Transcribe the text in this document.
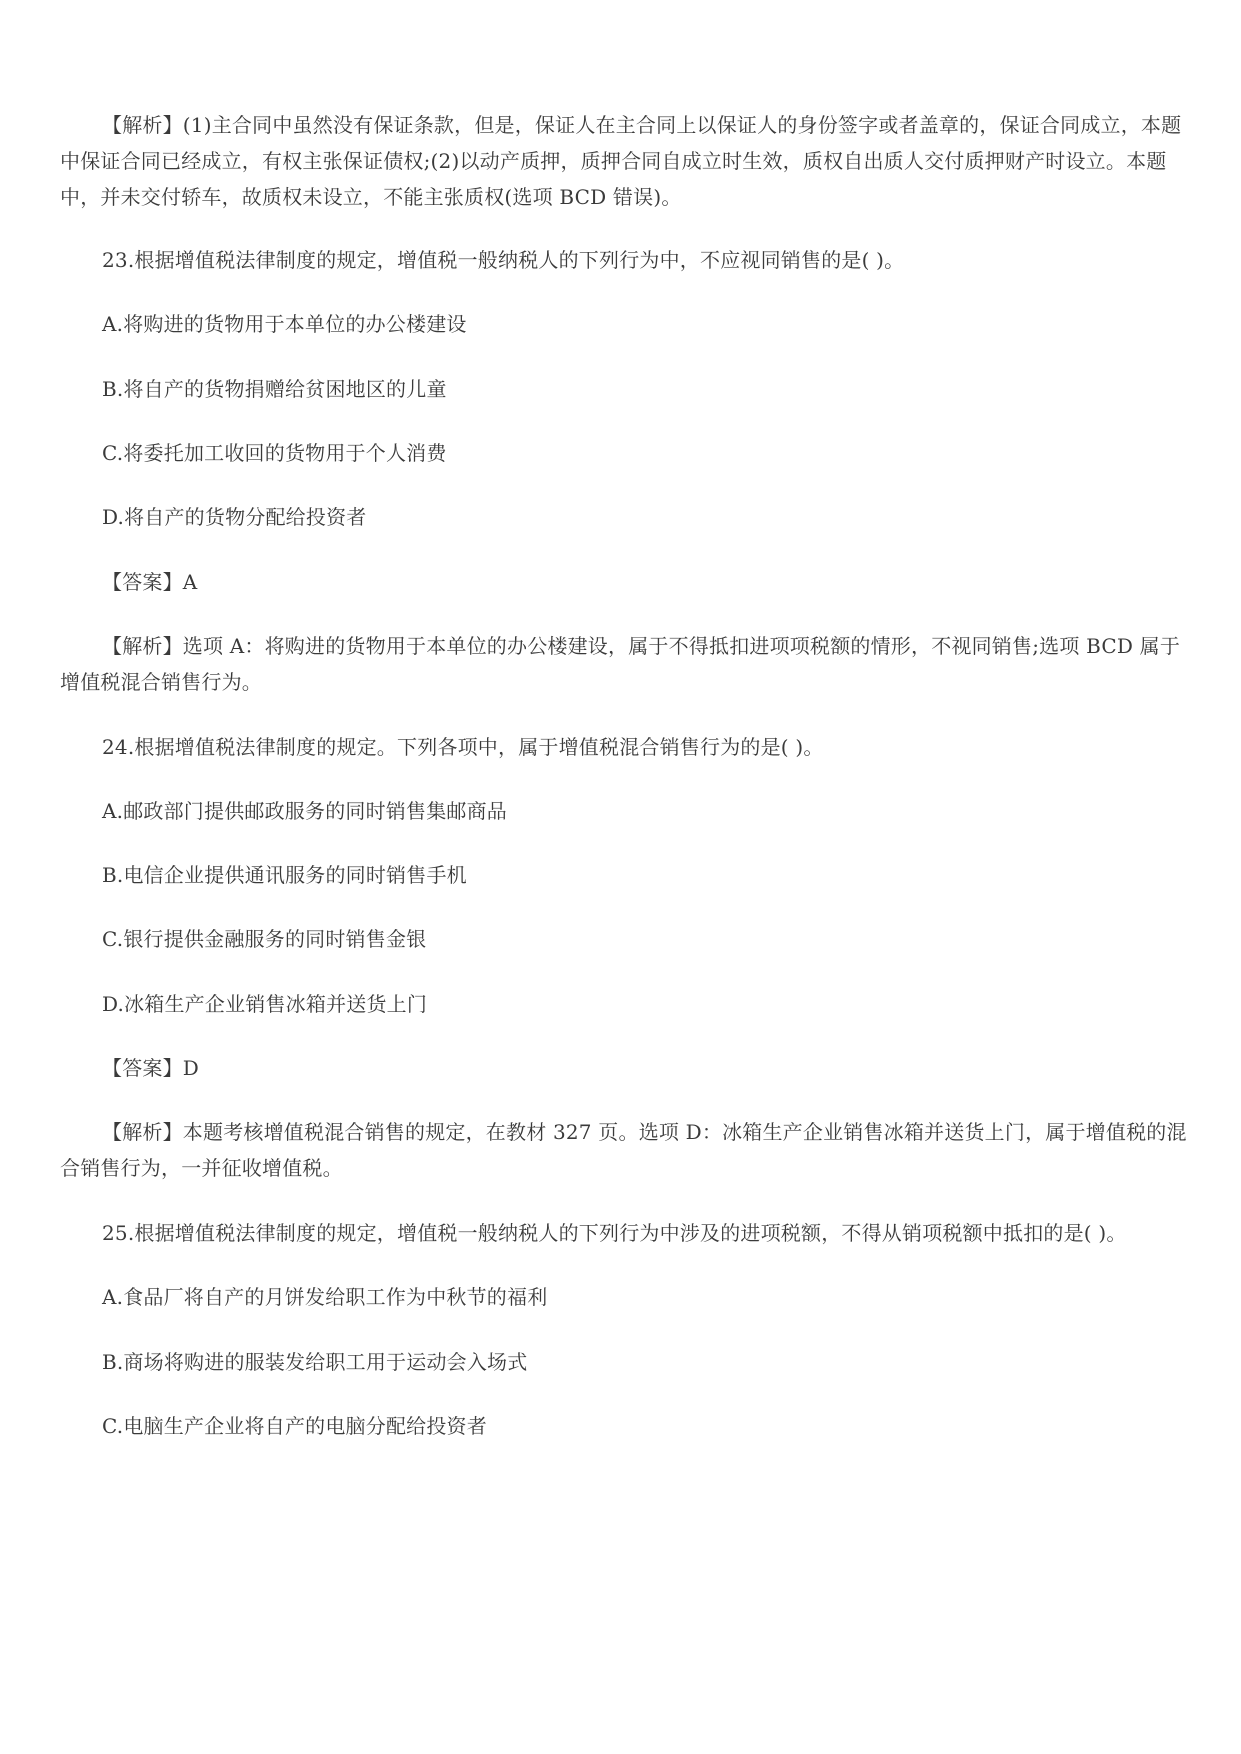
【解析】(1)主合同中虽然没有保证条款，但是，保证人在主合同上以保证人的身份签字或者盖章的，保证合同成立，本题中保证合同已经成立，有权主张保证债权;(2)以动产质押，质押合同自成立时生效，质权自出质人交付质押财产时设立。本题中，并未交付轿车，故质权未设立，不能主张质权(选项 BCD 错误)。
23.根据增值税法律制度的规定，增值税一般纳税人的下列行为中，不应视同销售的是( )。
A.将购进的货物用于本单位的办公楼建设
B.将自产的货物捐赠给贫困地区的儿童
C.将委托加工收回的货物用于个人消费
D.将自产的货物分配给投资者
【答案】A
【解析】选项 A：将购进的货物用于本单位的办公楼建设，属于不得抵扣进项项税额的情形，不视同销售;选项 BCD 属于增值税混合销售行为。
24.根据增值税法律制度的规定。下列各项中，属于增值税混合销售行为的是( )。
A.邮政部门提供邮政服务的同时销售集邮商品
B.电信企业提供通讯服务的同时销售手机
C.银行提供金融服务的同时销售金银
D.冰箱生产企业销售冰箱并送货上门
【答案】D
【解析】本题考核增值税混合销售的规定，在教材 327 页。选项 D：冰箱生产企业销售冰箱并送货上门，属于增值税的混合销售行为，一并征收增值税。
25.根据增值税法律制度的规定，增值税一般纳税人的下列行为中涉及的进项税额，不得从销项税额中抵扣的是( )。
A.食品厂将自产的月饼发给职工作为中秋节的福利
B.商场将购进的服装发给职工用于运动会入场式
C.电脑生产企业将自产的电脑分配给投资者
